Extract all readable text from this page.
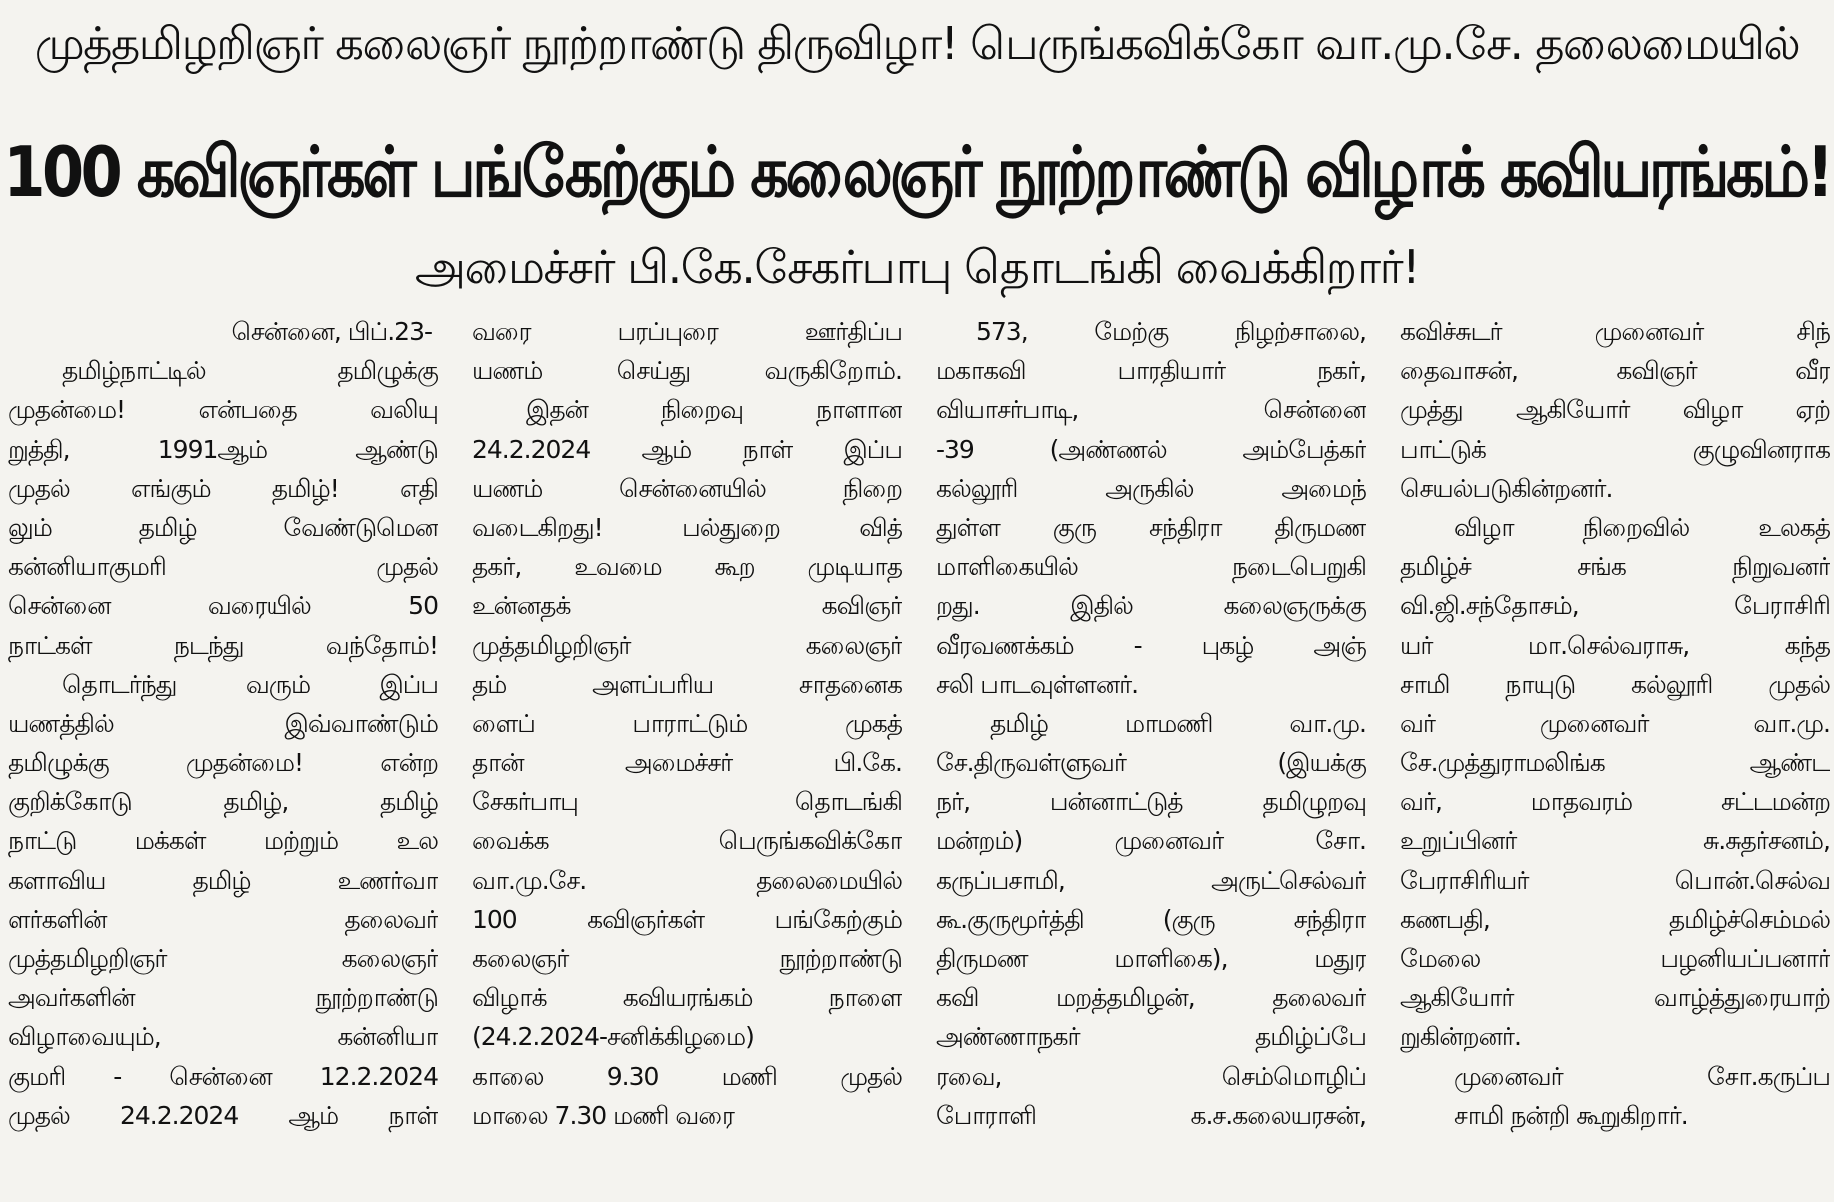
முத்தமிழறிஞர் கலைஞர் நூற்றாண்டு திருவிழா! பெருங்கவிக்கோ வா.மு.சே. தலைமையில்
100 கவிஞர்கள் பங்கேற்கும் கலைஞர் நூற்றாண்டு விழாக் கவியரங்கம்!
அமைச்சர் பி.கே.சேகர்பாபு தொடங்கி வைக்கிறார்!
சென்னை, பிப்.23-
தமிழ்நாட்டில் தமிழுக்கு
முதன்மை! என்பதை வலியு
றுத்தி, 1991ஆம் ஆண்டு
முதல் எங்கும் தமிழ்! எதி
லும் தமிழ் வேண்டுமென
கன்னியாகுமரி முதல்
சென்னை வரையில் 50
நாட்கள் நடந்து வந்தோம்!
தொடர்ந்து வரும் இப்ப
யணத்தில் இவ்வாண்டும்
தமிழுக்கு முதன்மை! என்ற
குறிக்கோடு தமிழ், தமிழ்
நாட்டு மக்கள் மற்றும் உல
களாவிய தமிழ் உணர்வா
ளர்களின் தலைவர்
முத்தமிழறிஞர் கலைஞர்
அவர்களின் நூற்றாண்டு
விழாவையும், கன்னியா
குமரி - சென்னை 12.2.2024
முதல் 24.2.2024 ஆம் நாள்
வரை பரப்புரை ஊர்திப்ப
யணம் செய்து வருகிறோம்.
இதன் நிறைவு நாளான
24.2.2024 ஆம் நாள் இப்ப
யணம் சென்னையில் நிறை
வடைகிறது! பல்துறை வித்
தகர், உவமை கூற முடியாத
உன்னதக் கவிஞர்
முத்தமிழறிஞர் கலைஞர்
தம் அளப்பரிய சாதனைக
ளைப் பாராட்டும் முகத்
தான் அமைச்சர் பி.கே.
சேகர்பாபு தொடங்கி
வைக்க பெருங்கவிக்கோ
வா.மு.சே. தலைமையில்
100 கவிஞர்கள் பங்கேற்கும்
கலைஞர் நூற்றாண்டு
விழாக் கவியரங்கம் நாளை
(24.2.2024-சனிக்கிழமை)
காலை 9.30 மணி முதல்
மாலை 7.30 மணி வரை
573, மேற்கு நிழற்சாலை,
மகாகவி பாரதியார் நகர்,
வியாசர்பாடி, சென்னை
-39 (அண்ணல் அம்பேத்கர்
கல்லூரி அருகில் அமைந்
துள்ள குரு சந்திரா திருமண
மாளிகையில் நடைபெறுகி
றது. இதில் கலைஞருக்கு
வீரவணக்கம் - புகழ் அஞ்
சலி பாடவுள்ளனர்.
தமிழ் மாமணி வா.மு.
சே.திருவள்ளுவர் (இயக்கு
நர், பன்னாட்டுத் தமிழுறவு
மன்றம்) முனைவர் சோ.
கருப்பசாமி, அருட்செல்வர்
கூ.குருமூர்த்தி (குரு சந்திரா
திருமண மாளிகை), மதுர
கவி மறத்தமிழன், தலைவர்
அண்ணாநகர் தமிழ்ப்பே
ரவை, செம்மொழிப்
போராளி க.ச.கலையரசன்,
கவிச்சுடர் முனைவர் சிந்
தைவாசன், கவிஞர் வீர
முத்து ஆகியோர் விழா ஏற்
பாட்டுக் குழுவினராக
செயல்படுகின்றனர்.
விழா நிறைவில் உலகத்
தமிழ்ச் சங்க நிறுவனர்
வி.ஜி.சந்தோசம், பேராசிரி
யர் மா.செல்வராசு, கந்த
சாமி நாயுடு கல்லூரி முதல்
வர் முனைவர் வா.மு.
சே.முத்துராமலிங்க ஆண்ட
வர், மாதவரம் சட்டமன்ற
உறுப்பினர் சு.சுதர்சனம்,
பேராசிரியர் பொன்.செல்வ
கணபதி, தமிழ்ச்செம்மல்
மேலை பழனியப்பனார்
ஆகியோர் வாழ்த்துரையாற்
றுகின்றனர்.
முனைவர் சோ.கருப்ப
சாமி நன்றி கூறுகிறார்.
